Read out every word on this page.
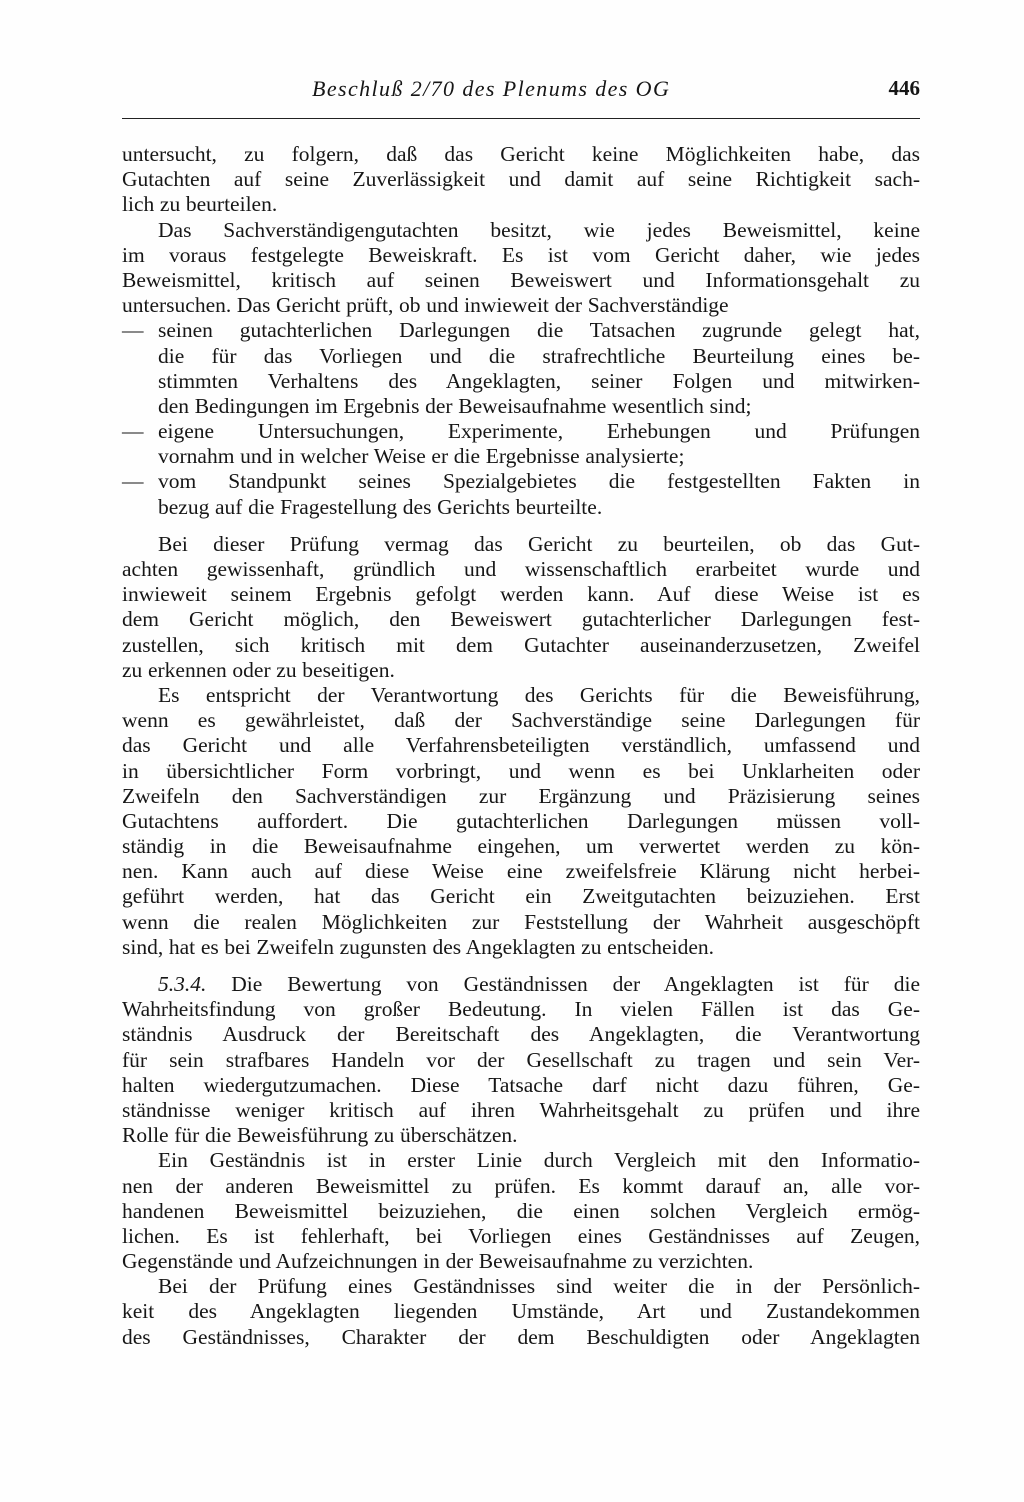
Beschluß 2/70 des Plenums des OG	446
untersucht, zu folgern, daß das Gericht keine Möglichkeiten habe, das
Gutachten auf seine Zuverlässigkeit und damit auf seine Richtigkeit sach-
lich zu beurteilen.
Das Sachverständigengutachten besitzt, wie jedes Beweismittel, keine
im voraus festgelegte Beweiskraft. Es ist vom Gericht daher, wie jedes
Beweismittel, kritisch auf seinen Beweiswert und Informationsgehalt zu
untersuchen. Das Gericht prüft, ob und inwieweit der Sachverständige
— seinen gutachterlichen Darlegungen die Tatsachen zugrunde gelegt hat,
die für das Vorliegen und die strafrechtliche Beurteilung eines be-
stimmten Verhaltens des Angeklagten, seiner Folgen und mitwirken-
den Bedingungen im Ergebnis der Beweisaufnahme wesentlich sind;
— eigene Untersuchungen, Experimente, Erhebungen und Prüfungen
vornahm und in welcher Weise er die Ergebnisse analysierte;
— vom Standpunkt seines Spezialgebietes die festgestellten Fakten in
bezug auf die Fragestellung des Gerichts beurteilte.
Bei dieser Prüfung vermag das Gericht zu beurteilen, ob das Gut-
achten gewissenhaft, gründlich und wissenschaftlich erarbeitet wurde und
inwieweit seinem Ergebnis gefolgt werden kann. Auf diese Weise ist es
dem Gericht möglich, den Beweiswert gutachterlicher Darlegungen fest-
zustellen, sich kritisch mit dem Gutachter auseinanderzusetzen, Zweifel
zu erkennen oder zu beseitigen.
Es entspricht der Verantwortung des Gerichts für die Beweisführung,
wenn es gewährleistet, daß der Sachverständige seine Darlegungen für
das Gericht und alle Verfahrensbeteiligten verständlich, umfassend und
in übersichtlicher Form vorbringt, und wenn es bei Unklarheiten oder
Zweifeln den Sachverständigen zur Ergänzung und Präzisierung seines
Gutachtens auffordert. Die gutachterlichen Darlegungen müssen voll-
ständig in die Beweisaufnahme eingehen, um verwertet werden zu kön-
nen. Kann auch auf diese Weise eine zweifelsfreie Klärung nicht herbei-
geführt werden, hat das Gericht ein Zweitgutachten beizuziehen. Erst
wenn die realen Möglichkeiten zur Feststellung der Wahrheit ausgeschöpft
sind, hat es bei Zweifeln zugunsten des Angeklagten zu entscheiden.
5.3.4. Die Bewertung von Geständnissen der Angeklagten ist für die
Wahrheitsfindung von großer Bedeutung. In vielen Fällen ist das Ge-
ständnis Ausdruck der Bereitschaft des Angeklagten, die Verantwortung
für sein strafbares Handeln vor der Gesellschaft zu tragen und sein Ver-
halten wiedergutzumachen. Diese Tatsache darf nicht dazu führen, Ge-
ständnisse weniger kritisch auf ihren Wahrheitsgehalt zu prüfen und ihre
Rolle für die Beweisführung zu überschätzen.
Ein Geständnis ist in erster Linie durch Vergleich mit den Informatio-
nen der anderen Beweismittel zu prüfen. Es kommt darauf an, alle vor-
handenen Beweismittel beizuziehen, die einen solchen Vergleich ermög-
lichen. Es ist fehlerhaft, bei Vorliegen eines Geständnisses auf Zeugen,
Gegenstände und Aufzeichnungen in der Beweisaufnahme zu verzichten.
Bei der Prüfung eines Geständnisses sind weiter die in der Persönlich-
keit des Angeklagten liegenden Umstände, Art und Zustandekommen
des Geständnisses, Charakter der dem Beschuldigten oder Angeklagten
